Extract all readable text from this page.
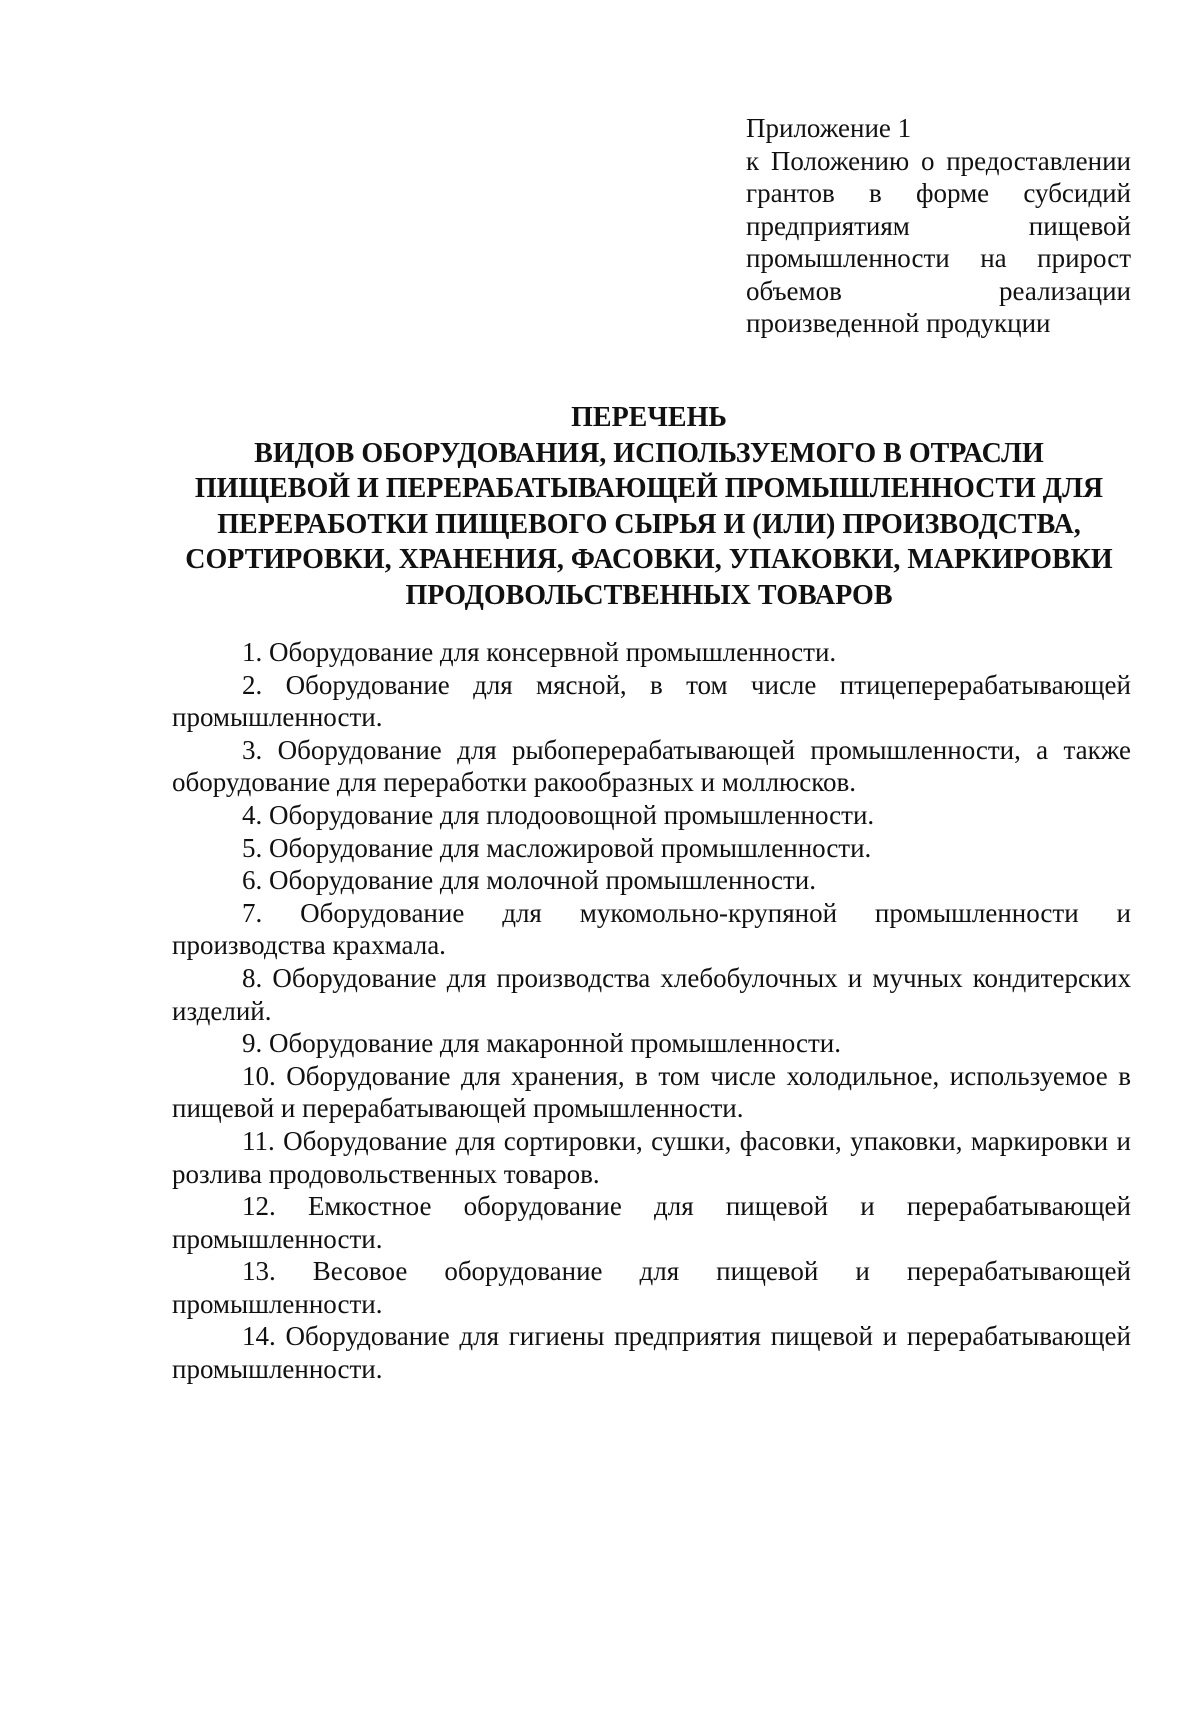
Приложение 1
к Положению о предоставлении грантов в форме субсидий предприятиям пищевой промышленности на прирост объемов реализации произведенной продукции
ПЕРЕЧЕНЬ
ВИДОВ ОБОРУДОВАНИЯ, ИСПОЛЬЗУЕМОГО В ОТРАСЛИ
ПИЩЕВОЙ И ПЕРЕРАБАТЫВАЮЩЕЙ ПРОМЫШЛЕННОСТИ ДЛЯ
ПЕРЕРАБОТКИ ПИЩЕВОГО СЫРЬЯ И (ИЛИ) ПРОИЗВОДСТВА,
СОРТИРОВКИ, ХРАНЕНИЯ, ФАСОВКИ, УПАКОВКИ, МАРКИРОВКИ
ПРОДОВОЛЬСТВЕННЫХ ТОВАРОВ

1. Оборудование для консервной промышленности.

2. Оборудование для мясной, в том числе птицеперерабатывающей промышленности.

3. Оборудование для рыбоперерабатывающей промышленности, а также оборудование для переработки ракообразных и моллюсков.

4. Оборудование для плодоовощной промышленности.

5. Оборудование для масложировой промышленности.

6. Оборудование для молочной промышленности.

7. Оборудование для мукомольно-крупяной промышленности и производства крахмала.

8. Оборудование для производства хлебобулочных и мучных кондитерских изделий.

9. Оборудование для макаронной промышленности.

10. Оборудование для хранения, в том числе холодильное, используемое в пищевой и перерабатывающей промышленности.

11. Оборудование для сортировки, сушки, фасовки, упаковки, маркировки и розлива продовольственных товаров.

12. Емкостное оборудование для пищевой и перерабатывающей промышленности.

13. Весовое оборудование для пищевой и перерабатывающей промышленности.

14. Оборудование для гигиены предприятия пищевой и перерабатывающей промышленности.
